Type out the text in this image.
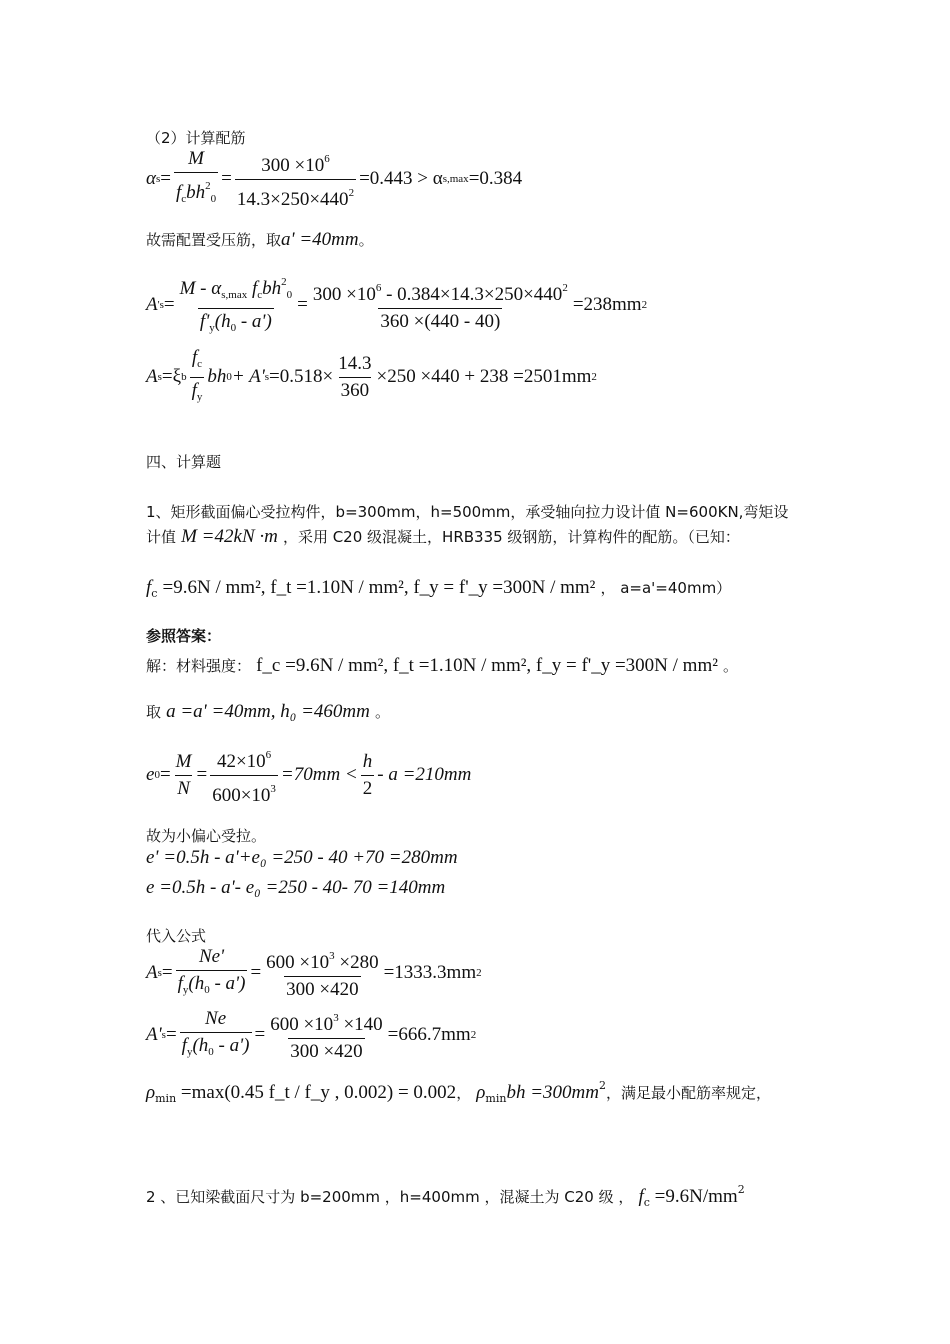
（2）计算配筋
α $s = \frac{M}{f_cbh^2_0} = \frac{300 \times 10^6}{14.3\times 250\times 440^2} =0.443 > \alpha$ s,max =0.384
故需配置受压筋，取a' =40mm。
A ' $s = \frac{M - \alpha_{s,max} f_cbh^2_0}{f'_y(h_0 - a')} = \frac{300 \times 10^6 - 0.384\times 14.3\times 250\times 440^2}{360 \times(440 - 40)} =238mm$ 2
A s =ξ b $\frac{f_c}{f_y}$ bh 0 + A' $s =0.518\times \frac{14.3}{360} \times 250 \times 440 + 238 =2501mm$ 2
四、计算题
1、矩形截面偏心受拉构件，b=300mm，h=500mm，承受轴向拉力设计值 N=600KN,弯矩设
计值 M =42kN ·m ，采用 C20 级混凝土，HRB335 级钢筋，计算构件的配筋。（已知：
$f_c =9.6N / mm^2$, f_t =1.10N / mm², f_y = f'_y =300N / mm² ， a=a'=40mm）
参照答案：
解：材料强度： f_c =9.6N / mm², f_t =1.10N / mm², f_y = f'_y =300N / mm² 。
取 a =a' =40mm, h₀ =460mm 。
e $0 = \frac{M}{N} = \frac{42\times 10^6}{600\times 10^3} =70mm < \frac{h}{2} - a =210mm$
故为小偏心受拉。
e' =0.5h - a'+e₀ =250 - 40 +70 =280mm
e =0.5h - a'- e₀ =250 - 40- 70 =140mm
代入公式
A $s = \frac{Ne'}{f_y(h_0 - a')} = \frac{600 \times 10^3 \times 280}{300 \times 420} =1333.3mm$ 2
A' $s = \frac{Ne}{f_y(h_0 - a')} = \frac{600 \times 10^3 \times 140}{300 \times 420} =666.7mm$ 2
$\rho_{min} =\max(0.45$ f_t / f_y , 0.002) = 0.002， $\rho_{min}bh =300mm^2$，满足最小配筋率规定，
2 、已知梁截面尺寸为 b=200mm ，h=400mm ，混凝土为 C20 级 ， $f_c =9.6N/mm^2$
